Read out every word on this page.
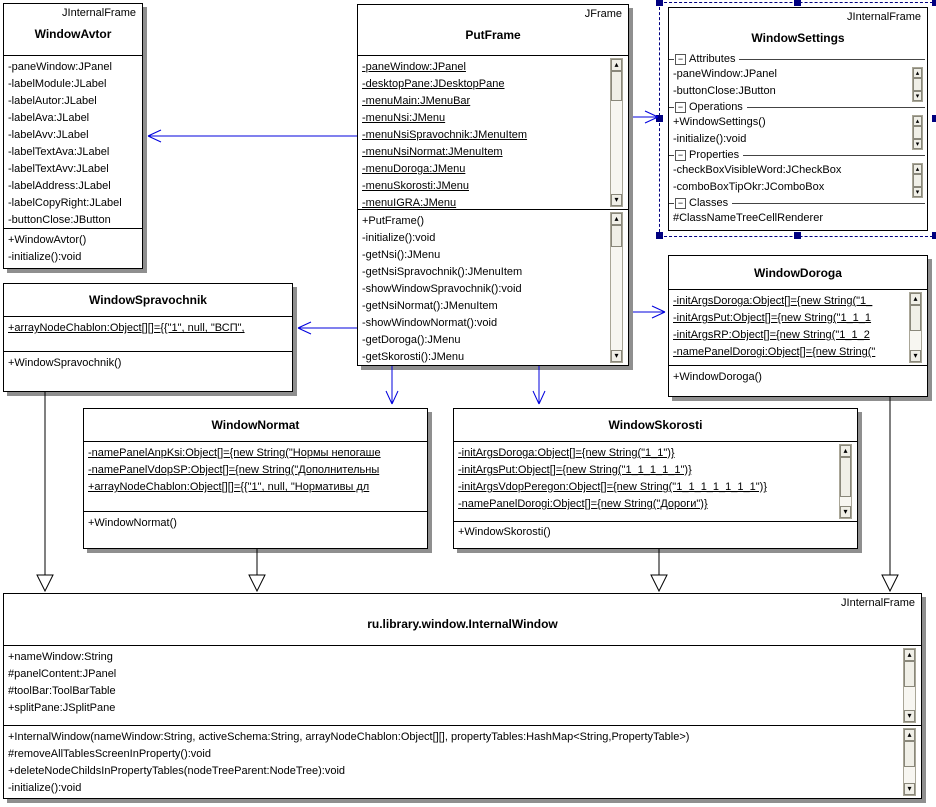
JInternalFrame
WindowAvtor
-paneWindow:JPanel
-labelModule:JLabel
-labelAutor:JLabel
-labelAva:JLabel
-labelAvv:JLabel
-labelTextAva:JLabel
-labelTextAvv:JLabel
-labelAddress:JLabel
-labelCopyRight:JLabel
-buttonClose:JButton
+WindowAvtor()
-initialize():void
JFrame
PutFrame
-paneWindow:JPanel
-desktopPane:JDesktopPane
-menuMain:JMenuBar
-menuNsi:JMenu
-menuNsiSpravochnik:JMenuItem
-menuNsiNormat:JMenuItem
-menuDoroga:JMenu
-menuSkorosti:JMenu
-menuIGRA:JMenu
▴
▾
+PutFrame()
-initialize():void
-getNsi():JMenu
-getNsiSpravochnik():JMenuItem
-showWindowSpravochnik():void
-getNsiNormat():JMenuItem
-showWindowNormat():void
-getDoroga():JMenu
-getSkorosti():JMenu
▴
▾
JInternalFrame
WindowSettings
− Attributes
-paneWindow:JPanel
-buttonClose:JButton
▴
▾
− Operations
+WindowSettings()
-initialize():void
▴
▾
− Properties
-checkBoxVisibleWord:JCheckBox
-comboBoxTipOkr:JComboBox
▴
▾
− Classes
#ClassNameTreeCellRenderer
WindowSpravochnik
+arrayNodeChablon:Object[][]={{"1", null, "ВСП",
+WindowSpravochnik()
WindowDoroga
-initArgsDoroga:Object[]={new String("1_
-initArgsPut:Object[]={new String("1_1_1
-initArgsRP:Object[]={new String("1_1_2
-namePanelDorogi:Object[]={new String("
▴
▾
+WindowDoroga()
WindowNormat
-namePanelAnpKsi:Object[]={new String("Нормы непогаше
-namePanelVdopSP:Object[]={new String("Дополнительны
+arrayNodeChablon:Object[][]={{"1", null, "Нормативы дл
+WindowNormat()
WindowSkorosti
-initArgsDoroga:Object[]={new String("1_1")}
-initArgsPut:Object[]={new String("1_1_1_1_1")}
-initArgsVdopPeregon:Object[]={new String("1_1_1_1_1_1_1")}
-namePanelDorogi:Object[]={new String("Дороги")}
▴
▾
+WindowSkorosti()
JInternalFrame
ru.library.window.InternalWindow
+nameWindow:String
#panelContent:JPanel
#toolBar:ToolBarTable
+splitPane:JSplitPane
▴
▾
+InternalWindow(nameWindow:String, activeSchema:String, arrayNodeChablon:Object[][], propertyTables:HashMap<String,PropertyTable>)
#removeAllTablesScreenInProperty():void
+deleteNodeChildsInPropertyTables(nodeTreeParent:NodeTree):void
-initialize():void
▴
▾
